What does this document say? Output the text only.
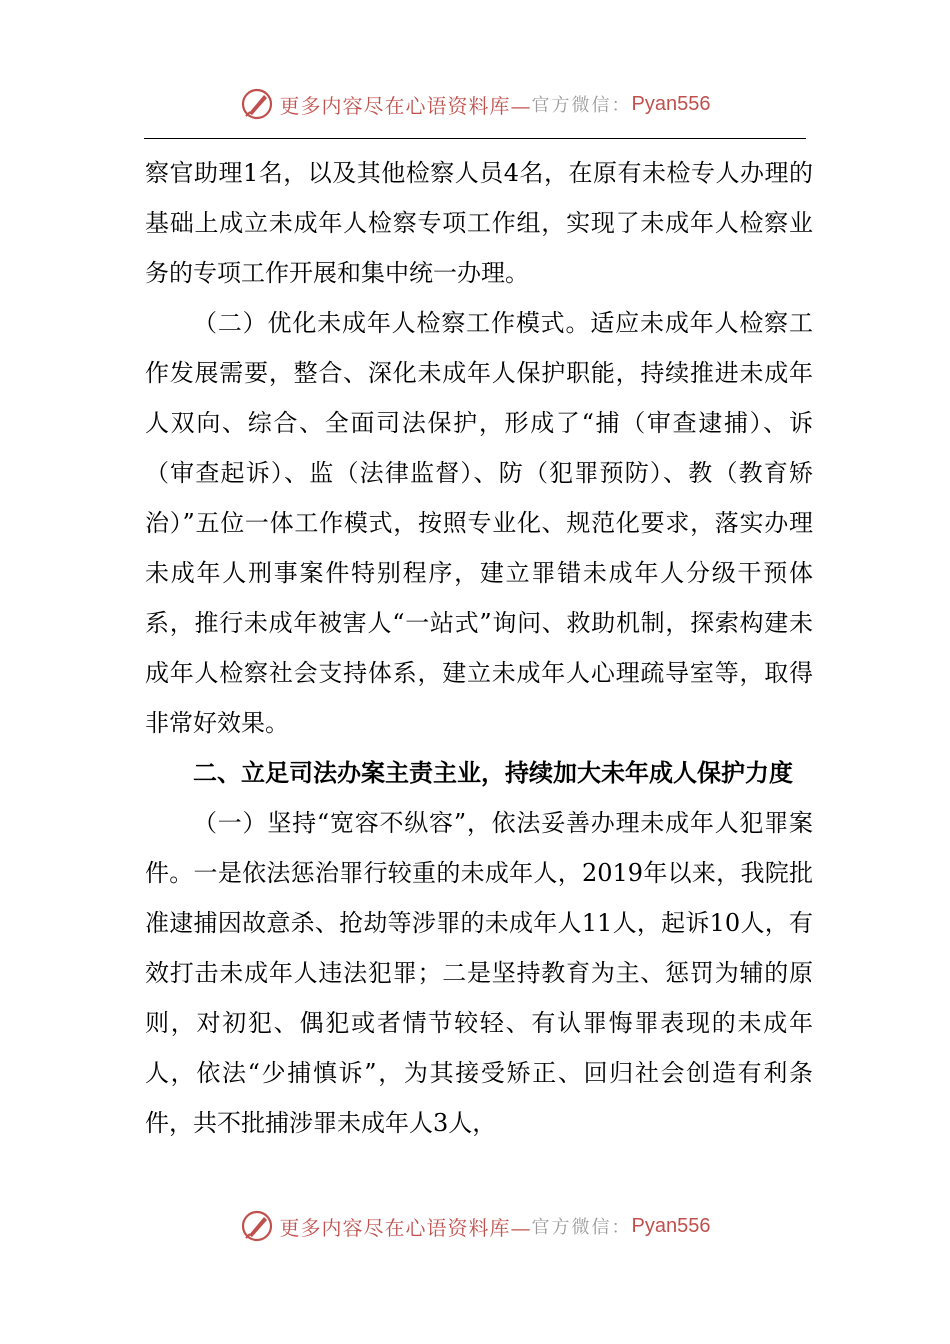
更多内容尽在心语资料库— 官方微信： Pyan556

察官助理1名，以及其他检察人员4名，在原有未检专人办理的基础上成立未成年人检察专项工作组，实现了未成年人检察业务的专项工作开展和集中统一办理。

（二）优化未成年人检察工作模式。适应未成年人检察工作发展需要，整合、深化未成年人保护职能，持续推进未成年人双向、综合、全面司法保护，形成了“捕（审查逮捕）、诉（审查起诉）、监（法律监督）、防（犯罪预防）、教（教育矫治）”五位一体工作模式，按照专业化、规范化要求，落实办理未成年人刑事案件特别程序，建立罪错未成年人分级干预体系，推行未成年被害人“一站式”询问、救助机制，探索构建未成年人检察社会支持体系，建立未成年人心理疏导室等，取得非常好效果。

二、立足司法办案主责主业，持续加大未年成人保护力度

（一）坚持“宽容不纵容”，依法妥善办理未成年人犯罪案件。一是依法惩治罪行较重的未成年人，2019年以来，我院批准逮捕因故意杀、抢劫等涉罪的未成年人11人，起诉10人，有效打击未成年人违法犯罪；二是坚持教育为主、惩罚为辅的原则，对初犯、偶犯或者情节较轻、有认罪悔罪表现的未成年人，依法“少捕慎诉”，为其接受矫正、回归社会创造有利条件，共不批捕涉罪未成年人3人，

更多内容尽在心语资料库— 官方微信： Pyan556
